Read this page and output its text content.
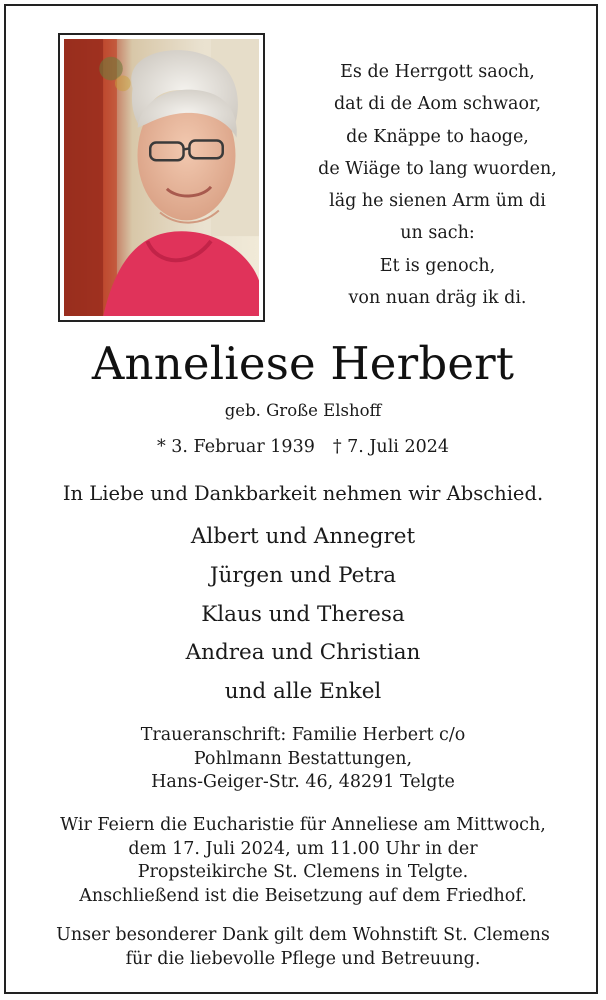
Es de Herrgott saoch,
dat di de Aom schwaor,
de Knäppe to haoge,
de Wiäge to lang wuorden,
läg he sienen Arm üm di
un sach:
Et is genoch,
von nuan dräg ik di.
Anneliese Herbert
geb. Große Elshoff
* 3. Februar 1939 † 7. Juli 2024
In Liebe und Dankbarkeit nehmen wir Abschied.
Albert und Annegret
Jürgen und Petra
Klaus und Theresa
Andrea und Christian
und alle Enkel
Traueranschrift: Familie Herbert c/o
Pohlmann Bestattungen,
Hans-Geiger-Str. 46, 48291 Telgte
Wir Feiern die Eucharistie für Anneliese am Mittwoch,
dem 17. Juli 2024, um 11.00 Uhr in der
Propsteikirche St. Clemens in Telgte.
Anschließend ist die Beisetzung auf dem Friedhof.
Unser besonderer Dank gilt dem Wohnstift St. Clemens
für die liebevolle Pflege und Betreuung.
